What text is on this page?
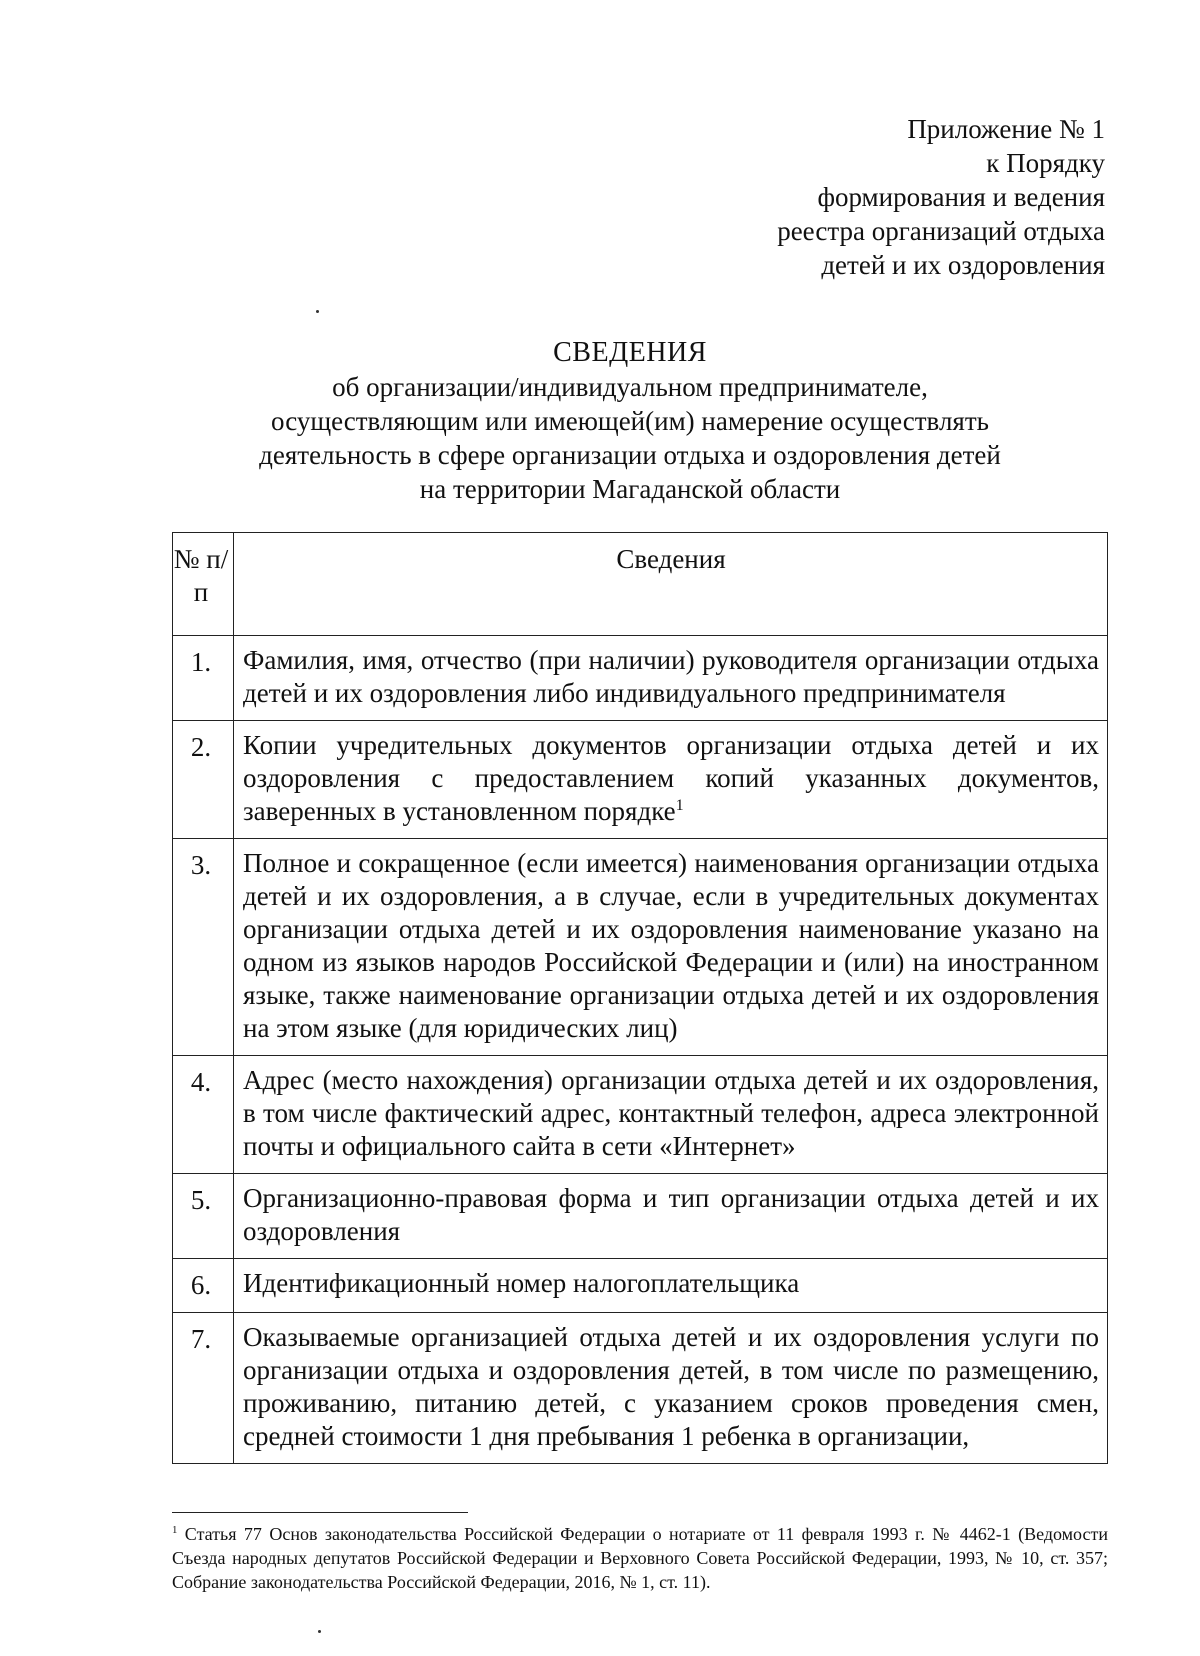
Приложение № 1
к Порядку
формирования и ведения
реестра организаций отдыха
детей и их оздоровления
СВЕДЕНИЯ
об организации/индивидуальном предпринимателе,
осуществляющим или имеющей(им) намерение осуществлять
деятельность в сфере организации отдыха и оздоровления детей
на территории Магаданской области
№ п/п	Сведения
1.	Фамилия, имя, отчество (при наличии) руководителя организации отдыха детей и их оздоровления либо индивидуального предпринимателя
2.	Копии учредительных документов организации отдыха детей и их оздоровления с предоставлением копий указанных документов, заверенных в установленном порядке$^1$
3.	Полное и сокращенное (если имеется) наименования организации отдыха детей и их оздоровления, а в случае, если в учредительных документах организации отдыха детей и их оздоровления наименование указано на одном из языков народов Российской Федерации и (или) на иностранном языке, также наименование организации отдыха детей и их оздоровления на этом языке (для юридических лиц)
4.	Адрес (место нахождения) организации отдыха детей и их оздоровления, в том числе фактический адрес, контактный телефон, адреса электронной почты и официального сайта в сети «Интернет»
5.	Организационно-правовая форма и тип организации отдыха детей и их оздоровления
6.	Идентификационный номер налогоплательщика
7.	Оказываемые организацией отдыха детей и их оздоровления услуги по организации отдыха и оздоровления детей, в том числе по размещению, проживанию, питанию детей, с указанием сроков проведения смен, средней стоимости 1 дня пребывания 1 ребенка в организации,
$^1$ Статья 77 Основ законодательства Российской Федерации о нотариате от 11 февраля 1993 г. № 4462-1 (Ведомости Съезда народных депутатов Российской Федерации и Верховного Совета Российской Федерации, 1993, № 10, ст. 357; Собрание законодательства Российской Федерации, 2016, № 1, ст. 11).
